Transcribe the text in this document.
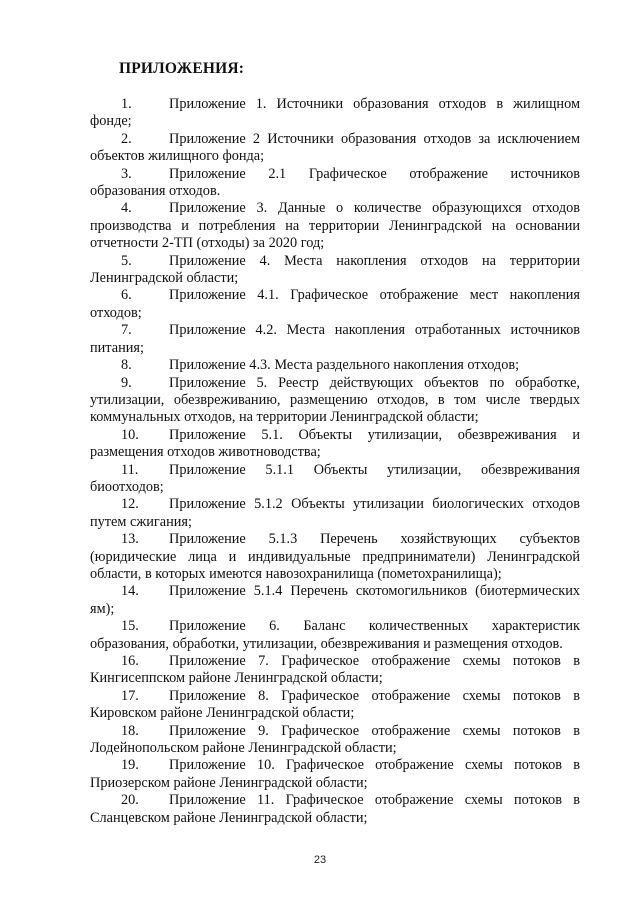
ПРИЛОЖЕНИЯ:
1.	Приложение 1. Источники образования отходов в жилищном фонде;
2.	Приложение 2 Источники образования отходов за исключением объектов жилищного фонда;
3.	Приложение 2.1 Графическое отображение источников образования отходов.
4.	Приложение 3. Данные о количестве образующихся отходов производства и потребления на территории Ленинградской на основании отчетности 2-ТП (отходы) за 2020 год;
5.	Приложение 4. Места накопления отходов на территории Ленинградской области;
6.	Приложение 4.1. Графическое отображение мест накопления отходов;
7.	Приложение 4.2. Места накопления отработанных источников питания;
8.	Приложение 4.3. Места раздельного накопления отходов;
9.	Приложение 5. Реестр действующих объектов по обработке, утилизации, обезвреживанию, размещению отходов, в том числе твердых коммунальных отходов, на территории Ленинградской области;
10. Приложение 5.1. Объекты утилизации, обезвреживания и размещения отходов животноводства;
11. Приложение 5.1.1 Объекты утилизации, обезвреживания биоотходов;
12. Приложение 5.1.2 Объекты утилизации биологических отходов путем сжигания;
13. Приложение 5.1.3 Перечень хозяйствующих субъектов (юридические лица и индивидуальные предприниматели) Ленинградской области, в которых имеются навозохранилища (пометохранилища);
14. Приложение 5.1.4 Перечень скотомогильников (биотермических ям);
15. Приложение 6. Баланс количественных характеристик образования, обработки, утилизации, обезвреживания и размещения отходов.
16. Приложение 7. Графическое отображение схемы потоков в Кингисеппском районе Ленинградской области;
17. Приложение 8. Графическое отображение схемы потоков в Кировском районе Ленинградской области;
18. Приложение 9. Графическое отображение схемы потоков в Лодейнопольском районе Ленинградской области;
19. Приложение 10. Графическое отображение схемы потоков в Приозерском районе Ленинградской области;
20. Приложение 11. Графическое отображение схемы потоков в Сланцевском районе Ленинградской области;
23
